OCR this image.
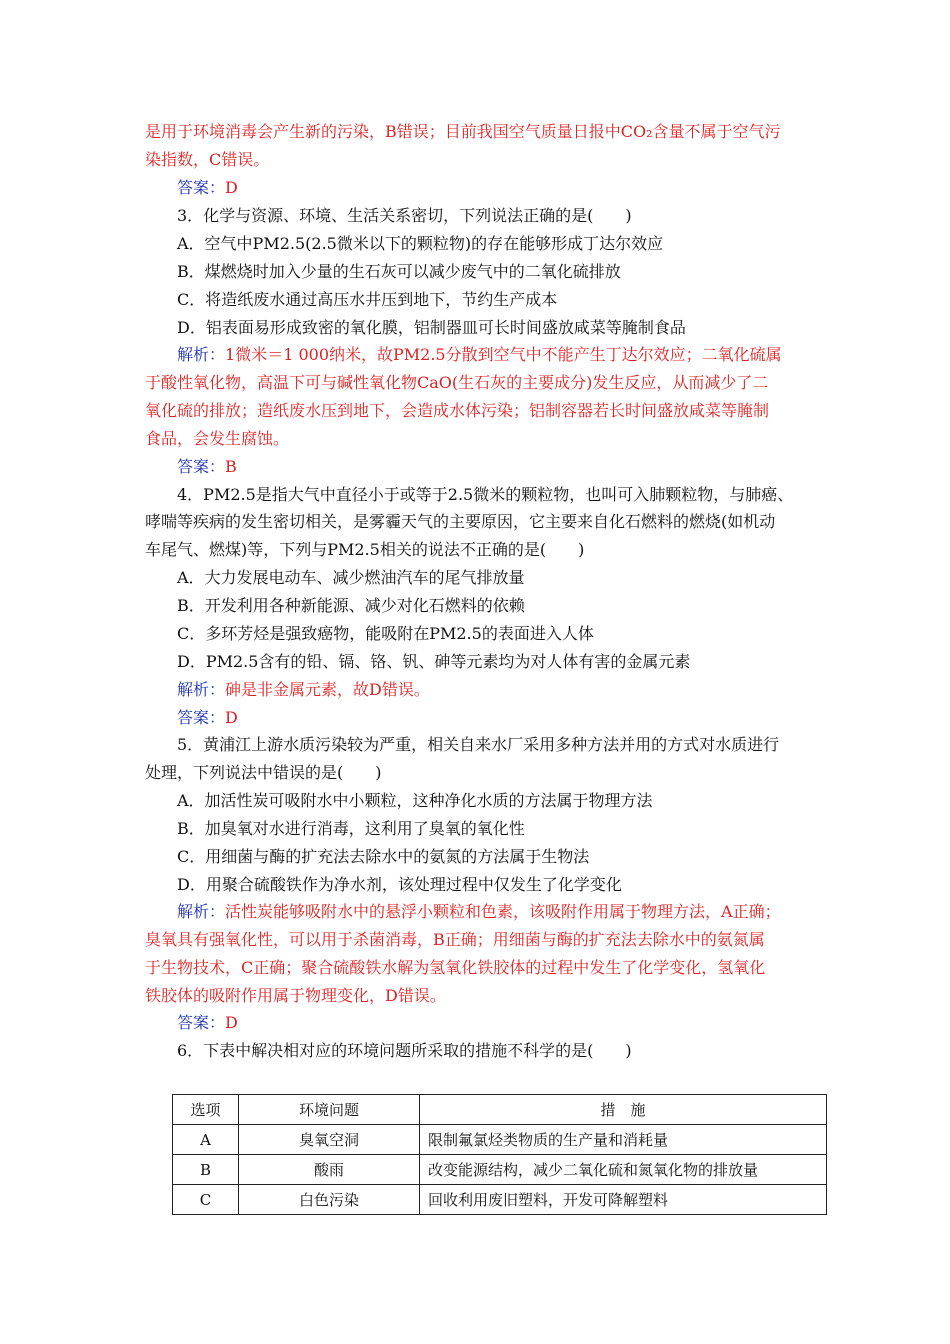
是用于环境消毒会产生新的污染，B错误；目前我国空气质量日报中CO₂含量不属于空气污
染指数，C错误。
答案：D
3．化学与资源、环境、生活关系密切，下列说法正确的是(　　)
A．空气中PM2.5(2.5微米以下的颗粒物)的存在能够形成丁达尔效应
B．煤燃烧时加入少量的生石灰可以减少废气中的二氧化硫排放
C．将造纸废水通过高压水井压到地下，节约生产成本
D．铝表面易形成致密的氧化膜，铝制器皿可长时间盛放咸菜等腌制食品
解析：1微米＝1 000纳米，故PM2.5分散到空气中不能产生丁达尔效应；二氧化硫属
于酸性氧化物，高温下可与碱性氧化物CaO(生石灰的主要成分)发生反应，从而减少了二
氧化硫的排放；造纸废水压到地下，会造成水体污染；铝制容器若长时间盛放咸菜等腌制
食品，会发生腐蚀。
答案：B
4．PM2.5是指大气中直径小于或等于2.5微米的颗粒物，也叫可入肺颗粒物，与肺癌、
哮喘等疾病的发生密切相关，是雾霾天气的主要原因，它主要来自化石燃料的燃烧(如机动
车尾气、燃煤)等，下列与PM2.5相关的说法不正确的是(　　)
A．大力发展电动车、减少燃油汽车的尾气排放量
B．开发利用各种新能源、减少对化石燃料的依赖
C．多环芳烃是强致癌物，能吸附在PM2.5的表面进入人体
D．PM2.5含有的铅、镉、铬、钒、砷等元素均为对人体有害的金属元素
解析：砷是非金属元素，故D错误。
答案：D
5．黄浦江上游水质污染较为严重，相关自来水厂采用多种方法并用的方式对水质进行
处理，下列说法中错误的是(　　)
A．加活性炭可吸附水中小颗粒，这种净化水质的方法属于物理方法
B．加臭氧对水进行消毒，这利用了臭氧的氧化性
C．用细菌与酶的扩充法去除水中的氨氮的方法属于生物法
D．用聚合硫酸铁作为净水剂，该处理过程中仅发生了化学变化
解析：活性炭能够吸附水中的悬浮小颗粒和色素，该吸附作用属于物理方法，A正确；
臭氧具有强氧化性，可以用于杀菌消毒，B正确；用细菌与酶的扩充法去除水中的氨氮属
于生物技术，C正确；聚合硫酸铁水解为氢氧化铁胶体的过程中发生了化学变化，氢氧化
铁胶体的吸附作用属于物理变化，D错误。
答案：D
6．下表中解决相对应的环境问题所采取的措施不科学的是(　　)
选项	环境问题	措　施
A	臭氧空洞	限制氟氯烃类物质的生产量和消耗量
B	酸雨	改变能源结构，减少二氧化硫和氮氧化物的排放量
C	白色污染	回收利用废旧塑料，开发可降解塑料
